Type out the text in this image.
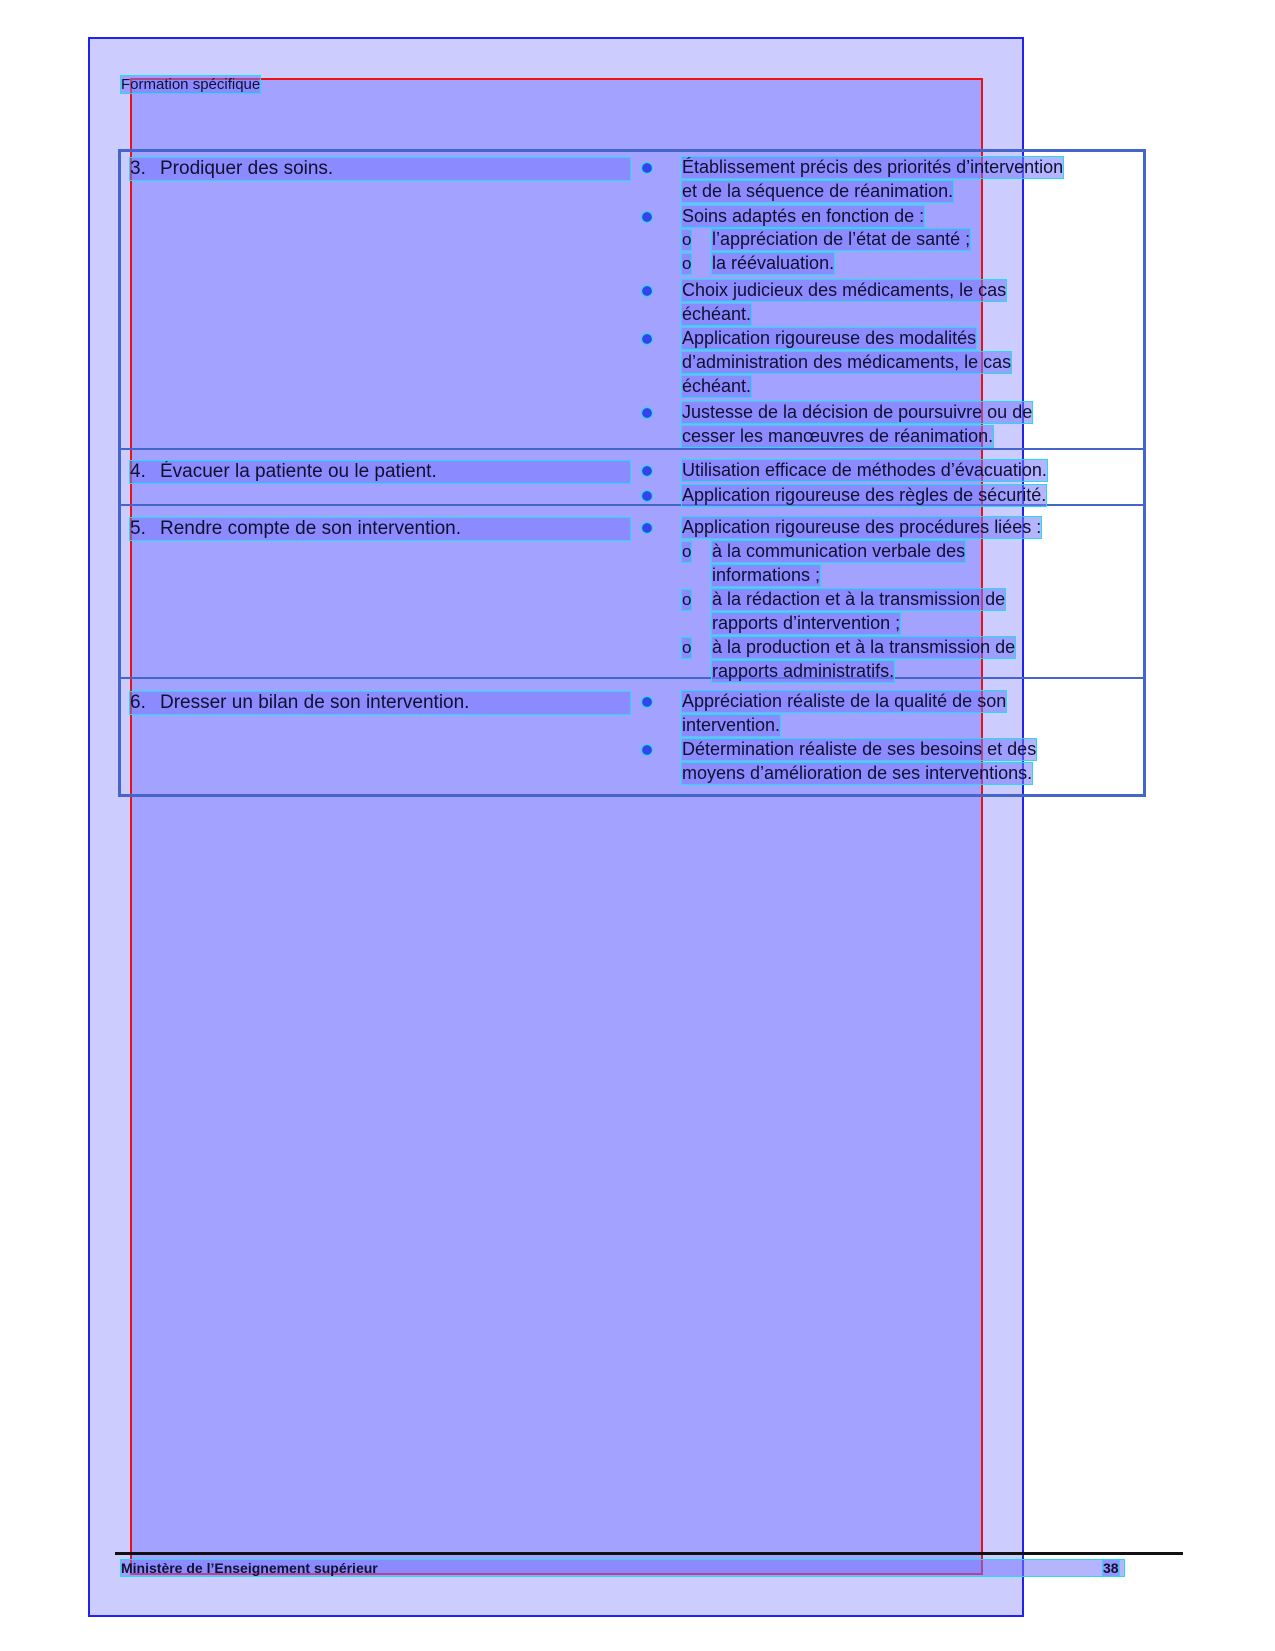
Formation spécifique
3. Prodiquer des soins.	Établissement précis des priorités d’intervention
et de la séquence de réanimation.
Soins adaptés en fonction de :
o l’appréciation de l’état de santé ;
o la réévaluation.
Choix judicieux des médicaments, le cas
échéant.
Application rigoureuse des modalités
d’administration des médicaments, le cas
échéant.
Justesse de la décision de poursuivre ou de
cesser les manœuvres de réanimation.
4. Évacuer la patiente ou le patient.	Utilisation efficace de méthodes d’évacuation.
Application rigoureuse des règles de sécurité.
5. Rendre compte de son intervention.	Application rigoureuse des procédures liées :
o à la communication verbale des
informations ;
o à la rédaction et à la transmission de
rapports d’intervention ;
o à la production et à la transmission de
rapports administratifs.
6. Dresser un bilan de son intervention.	Appréciation réaliste de la qualité de son
intervention.
Détermination réaliste de ses besoins et des
moyens d’amélioration de ses interventions.
Ministère de l’Enseignement supérieur	38
